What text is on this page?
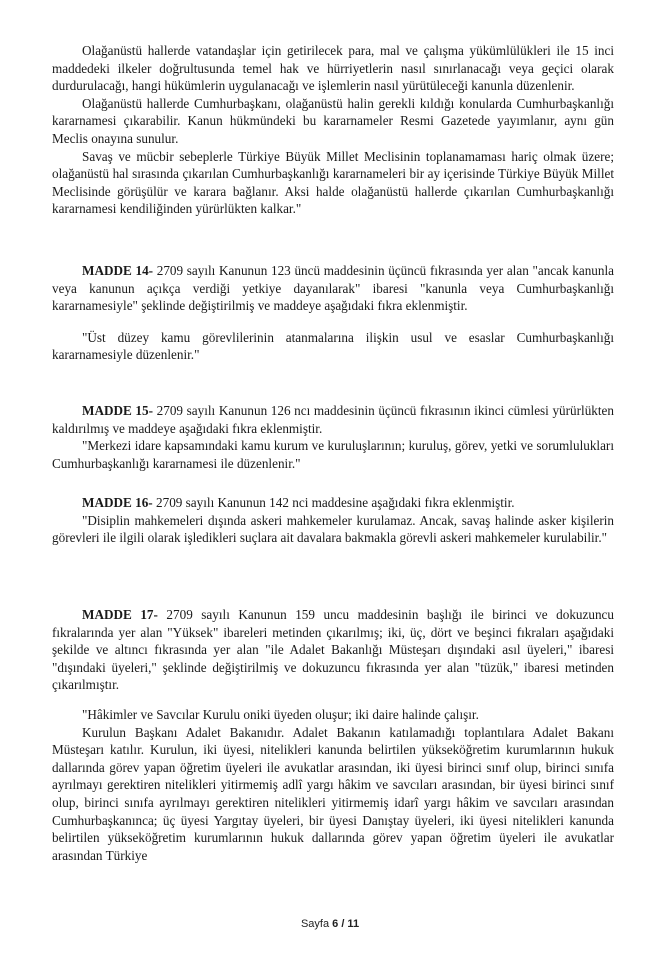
Olağanüstü hallerde vatandaşlar için getirilecek para, mal ve çalışma yükümlülükleri ile 15 inci maddedeki ilkeler doğrultusunda temel hak ve hürriyetlerin nasıl sınırlanacağı veya geçici olarak durdurulacağı, hangi hükümlerin uygulanacağı ve işlemlerin nasıl yürütüleceği kanunla düzenlenir.

Olağanüstü hallerde Cumhurbaşkanı, olağanüstü halin gerekli kıldığı konularda Cumhurbaşkanlığı kararnamesi çıkarabilir. Kanun hükmündeki bu kararnameler Resmi Gazetede yayımlanır, aynı gün Meclis onayına sunulur.

Savaş ve mücbir sebeplerle Türkiye Büyük Millet Meclisinin toplanamaması hariç olmak üzere; olağanüstü hal sırasında çıkarılan Cumhurbaşkanlığı kararnameleri bir ay içerisinde Türkiye Büyük Millet Meclisinde görüşülür ve karara bağlanır. Aksi halde olağanüstü hallerde çıkarılan Cumhurbaşkanlığı kararnamesi kendiliğinden yürürlükten kalkar."

MADDE 14- 2709 sayılı Kanunun 123 üncü maddesinin üçüncü fıkrasında yer alan "ancak kanunla veya kanunun açıkça verdiği yetkiye dayanılarak" ibaresi "kanunla veya Cumhurbaşkanlığı kararnamesiyle" şeklinde değiştirilmiş ve maddeye aşağıdaki fıkra eklenmiştir.

"Üst düzey kamu görevlilerinin atanmalarına ilişkin usul ve esaslar Cumhurbaşkanlığı kararnamesiyle düzenlenir."

MADDE 15- 2709 sayılı Kanunun 126 ncı maddesinin üçüncü fıkrasının ikinci cümlesi yürürlükten kaldırılmış ve maddeye aşağıdaki fıkra eklenmiştir.

"Merkezi idare kapsamındaki kamu kurum ve kuruluşlarının; kuruluş, görev, yetki ve sorumlulukları Cumhurbaşkanlığı kararnamesi ile düzenlenir."

MADDE 16- 2709 sayılı Kanunun 142 nci maddesine aşağıdaki fıkra eklenmiştir.

"Disiplin mahkemeleri dışında askeri mahkemeler kurulamaz. Ancak, savaş halinde asker kişilerin görevleri ile ilgili olarak işledikleri suçlara ait davalara bakmakla görevli askeri mahkemeler kurulabilir."

MADDE 17- 2709 sayılı Kanunun 159 uncu maddesinin başlığı ile birinci ve dokuzuncu fıkralarında yer alan "Yüksek" ibareleri metinden çıkarılmış; iki, üç, dört ve beşinci fıkraları aşağıdaki şekilde ve altıncı fıkrasında yer alan "ile Adalet Bakanlığı Müsteşarı dışındaki asıl üyeleri," ibaresi "dışındaki üyeleri," şeklinde değiştirilmiş ve dokuzuncu fıkrasında yer alan "tüzük," ibaresi metinden çıkarılmıştır.

"Hâkimler ve Savcılar Kurulu oniki üyeden oluşur; iki daire halinde çalışır.

Kurulun Başkanı Adalet Bakanıdır. Adalet Bakanın katılamadığı toplantılara Adalet Bakanı Müsteşarı katılır. Kurulun, iki üyesi, nitelikleri kanunda belirtilen yükseköğretim kurumlarının hukuk dallarında görev yapan öğretim üyeleri ile avukatlar arasından, iki üyesi birinci sınıf olup, birinci sınıfa ayrılmayı gerektiren nitelikleri yitirmemiş adlî yargı hâkim ve savcıları arasından, bir üyesi birinci sınıf olup, birinci sınıfa ayrılmayı gerektiren nitelikleri yitirmemiş idarî yargı hâkim ve savcıları arasından Cumhurbaşkanınca; üç üyesi Yargıtay üyeleri, bir üyesi Danıştay üyeleri, iki üyesi nitelikleri kanunda belirtilen yükseköğretim kurumlarının hukuk dallarında görev yapan öğretim üyeleri ile avukatlar arasından Türkiye

Sayfa 6 / 11
